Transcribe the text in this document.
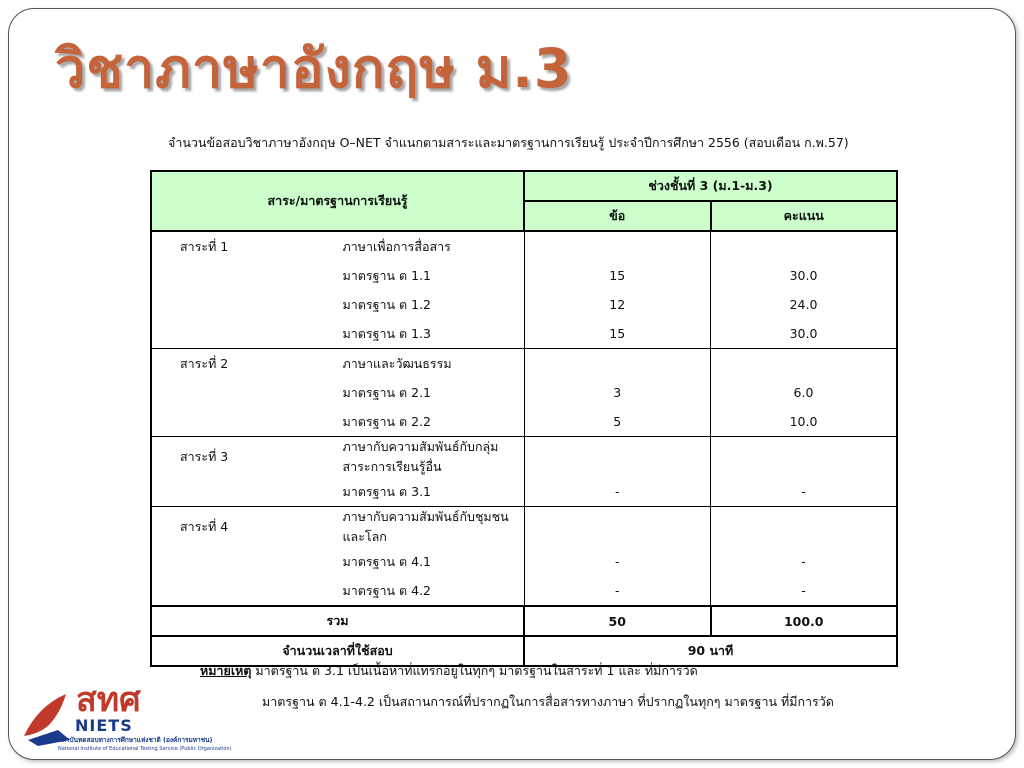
วิชาภาษาอังกฤษ ม.3
จำนวนข้อสอบวิชาภาษาอังกฤษ O–NET จำแนกตามสาระและมาตรฐานการเรียนรู้ ประจำปีการศึกษา 2556 (สอบเดือน ก.พ.57)
สาระ/มาตรฐานการเรียนรู้		ช่วงชั้นที่ 3 (ม.1-ม.3)	
		ข้อ	คะแนน
สาระที่ 1	ภาษาเพื่อการสื่อสาร		
	มาตรฐาน ต 1.1	15	30.0
	มาตรฐาน ต 1.2	12	24.0
	มาตรฐาน ต 1.3	15	30.0
สาระที่ 2	ภาษาและวัฒนธรรม		
	มาตรฐาน ต 2.1	3	6.0
	มาตรฐาน ต 2.2	5	10.0
สาระที่ 3	ภาษากับความสัมพันธ์กับกลุ่มสาระการเรียนรู้อื่น		
	มาตรฐาน ต 3.1	-	-
สาระที่ 4	ภาษากับความสัมพันธ์กับชุมชนและโลก		
	มาตรฐาน ต 4.1	-	-
	มาตรฐาน ต 4.2	-	-
รวม		50	100.0
จำนวนเวลาที่ใช้สอบ		90 นาที	
หมายเหตุ มาตรฐาน ต 3.1 เป็นเนื้อหาที่แทรกอยู่ในทุกๆ มาตรฐานในสาระที่ 1 และ ที่มีการวัด
มาตรฐาน ต 4.1-4.2 เป็นสถานการณ์ที่ปรากฏในการสื่อสารทางภาษา ที่ปรากฏในทุกๆ มาตรฐาน ที่มีการวัด
สทศ
NIETS
สถาบันทดสอบทางการศึกษาแห่งชาติ (องค์การมหาชน)
National Institute of Educational Testing Service (Public Organization)
